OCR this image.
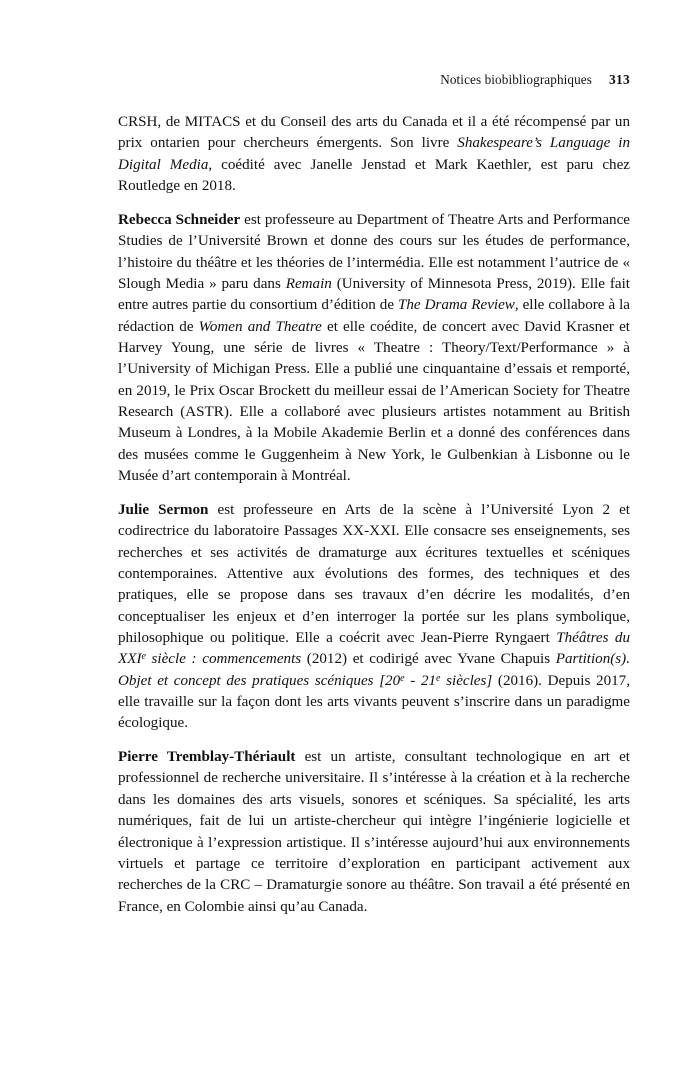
Notices biobibliographiques 313

CRSH, de MITACS et du Conseil des arts du Canada et il a été récompensé par un prix ontarien pour chercheurs émergents. Son livre Shakespeare’s Language in Digital Media, coédité avec Janelle Jenstad et Mark Kaethler, est paru chez Routledge en 2018.

Rebecca Schneider est professeure au Department of Theatre Arts and Performance Studies de l’Université Brown et donne des cours sur les études de performance, l’histoire du théâtre et les théories de l’intermédia. Elle est notamment l’autrice de « Slough Media » paru dans Remain (University of Minnesota Press, 2019). Elle fait entre autres partie du consortium d’édition de The Drama Review, elle collabore à la rédaction de Women and Theatre et elle coédite, de concert avec David Krasner et Harvey Young, une série de livres « Theatre : Theory/Text/Performance » à l’University of Michigan Press. Elle a publié une cinquantaine d’essais et remporté, en 2019, le Prix Oscar Brockett du meilleur essai de l’American Society for Theatre Research (ASTR). Elle a collaboré avec plusieurs artistes notamment au British Museum à Londres, à la Mobile Akademie Berlin et a donné des conférences dans des musées comme le Guggenheim à New York, le Gulbenkian à Lisbonne ou le Musée d’art contemporain à Montréal.

Julie Sermon est professeure en Arts de la scène à l’Université Lyon 2 et codirectrice du laboratoire Passages XX-XXI. Elle consacre ses enseignements, ses recherches et ses activités de dramaturge aux écritures textuelles et scéniques contemporaines. Attentive aux évolutions des formes, des techniques et des pratiques, elle se propose dans ses travaux d’en décrire les modalités, d’en conceptualiser les enjeux et d’en interroger la portée sur les plans symbolique, philosophique ou politique. Elle a coécrit avec Jean-Pierre Ryngaert Théâtres du XXIe siècle : commencements (2012) et codirigé avec Yvane Chapuis Partition(s). Objet et concept des pratiques scéniques [20e - 21e siècles] (2016). Depuis 2017, elle travaille sur la façon dont les arts vivants peuvent s’inscrire dans un paradigme écologique.

Pierre Tremblay-Thériault est un artiste, consultant technologique en art et professionnel de recherche universitaire. Il s’intéresse à la création et à la recherche dans les domaines des arts visuels, sonores et scéniques. Sa spécialité, les arts numériques, fait de lui un artiste-chercheur qui intègre l’ingénierie logicielle et électronique à l’expression artistique. Il s’intéresse aujourd’hui aux environnements virtuels et partage ce territoire d’exploration en participant activement aux recherches de la CRC – Dramaturgie sonore au théâtre. Son travail a été présenté en France, en Colombie ainsi qu’au Canada.
